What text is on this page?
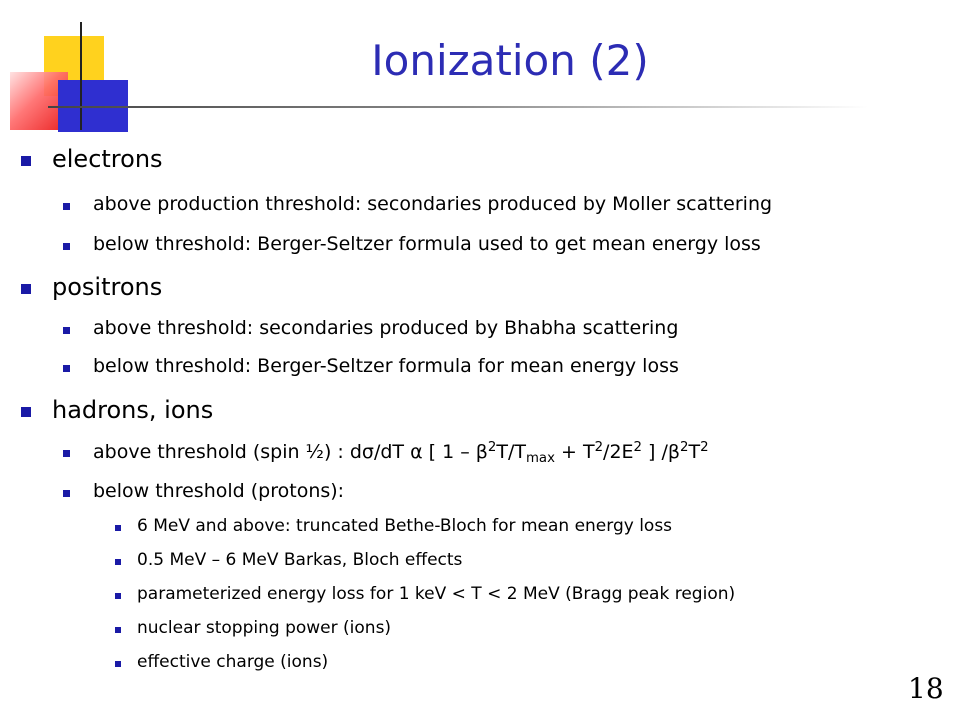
Ionization (2)
electrons
above production threshold: secondaries produced by Moller scattering
below threshold: Berger-Seltzer formula used to get mean energy loss
positrons
above threshold: secondaries produced by Bhabha scattering
below threshold: Berger-Seltzer formula for mean energy loss
hadrons, ions
above threshold (spin ½) : dσ/dT α [ $1 - \beta^2T/T_{max} + T^2/2E^2$ ] $/\beta^2T^2$
below threshold (protons):
6 MeV and above: truncated Bethe-Bloch for mean energy loss
0.5 MeV – 6 MeV Barkas, Bloch effects
parameterized energy loss for 1 keV < T < 2 MeV (Bragg peak region)
nuclear stopping power (ions)
effective charge (ions)
18
